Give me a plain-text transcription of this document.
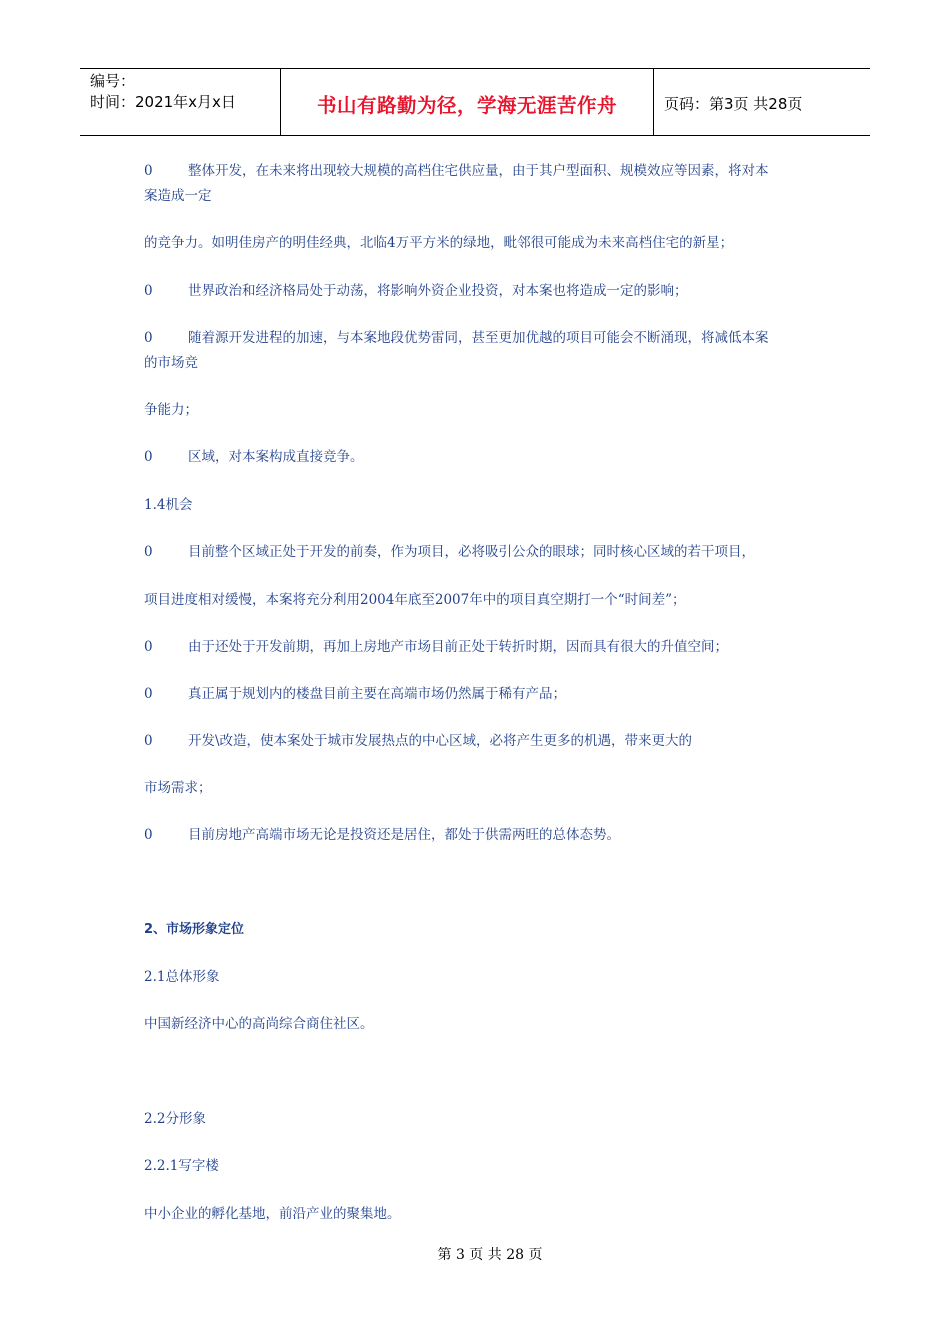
编号：
时间：2021年x月x日	书山有路勤为径，学海无涯苦作舟	页码：第3页 共28页
0	整体开发，在未来将出现较大规模的高档住宅供应量，由于其户型面积、规模效应等因素，将对本
案造成一定
的竞争力。如明佳房产的明佳经典，北临4万平方米的绿地，毗邻很可能成为未来高档住宅的新星；
0	世界政治和经济格局处于动荡，将影响外资企业投资，对本案也将造成一定的影响；
0	随着源开发进程的加速，与本案地段优势雷同，甚至更加优越的项目可能会不断涌现，将减低本案
的市场竞
争能力；
0	区域，对本案构成直接竞争。
1.4机会
0	目前整个区域正处于开发的前奏，作为项目，必将吸引公众的眼球；同时核心区域的若干项目，
项目进度相对缓慢，本案将充分利用2004年底至2007年中的项目真空期打一个“时间差”；
0	由于还处于开发前期，再加上房地产市场目前正处于转折时期，因而具有很大的升值空间；
0	真正属于规划内的楼盘目前主要在高端市场仍然属于稀有产品；
0	开发\改造，使本案处于城市发展热点的中心区域，必将产生更多的机遇，带来更大的
市场需求；
0	目前房地产高端市场无论是投资还是居住，都处于供需两旺的总体态势。
2、市场形象定位
2.1总体形象
中国新经济中心的高尚综合商住社区。
2.2分形象
2.2.1写字楼
中小企业的孵化基地，前沿产业的聚集地。
第 3 页 共 28 页
